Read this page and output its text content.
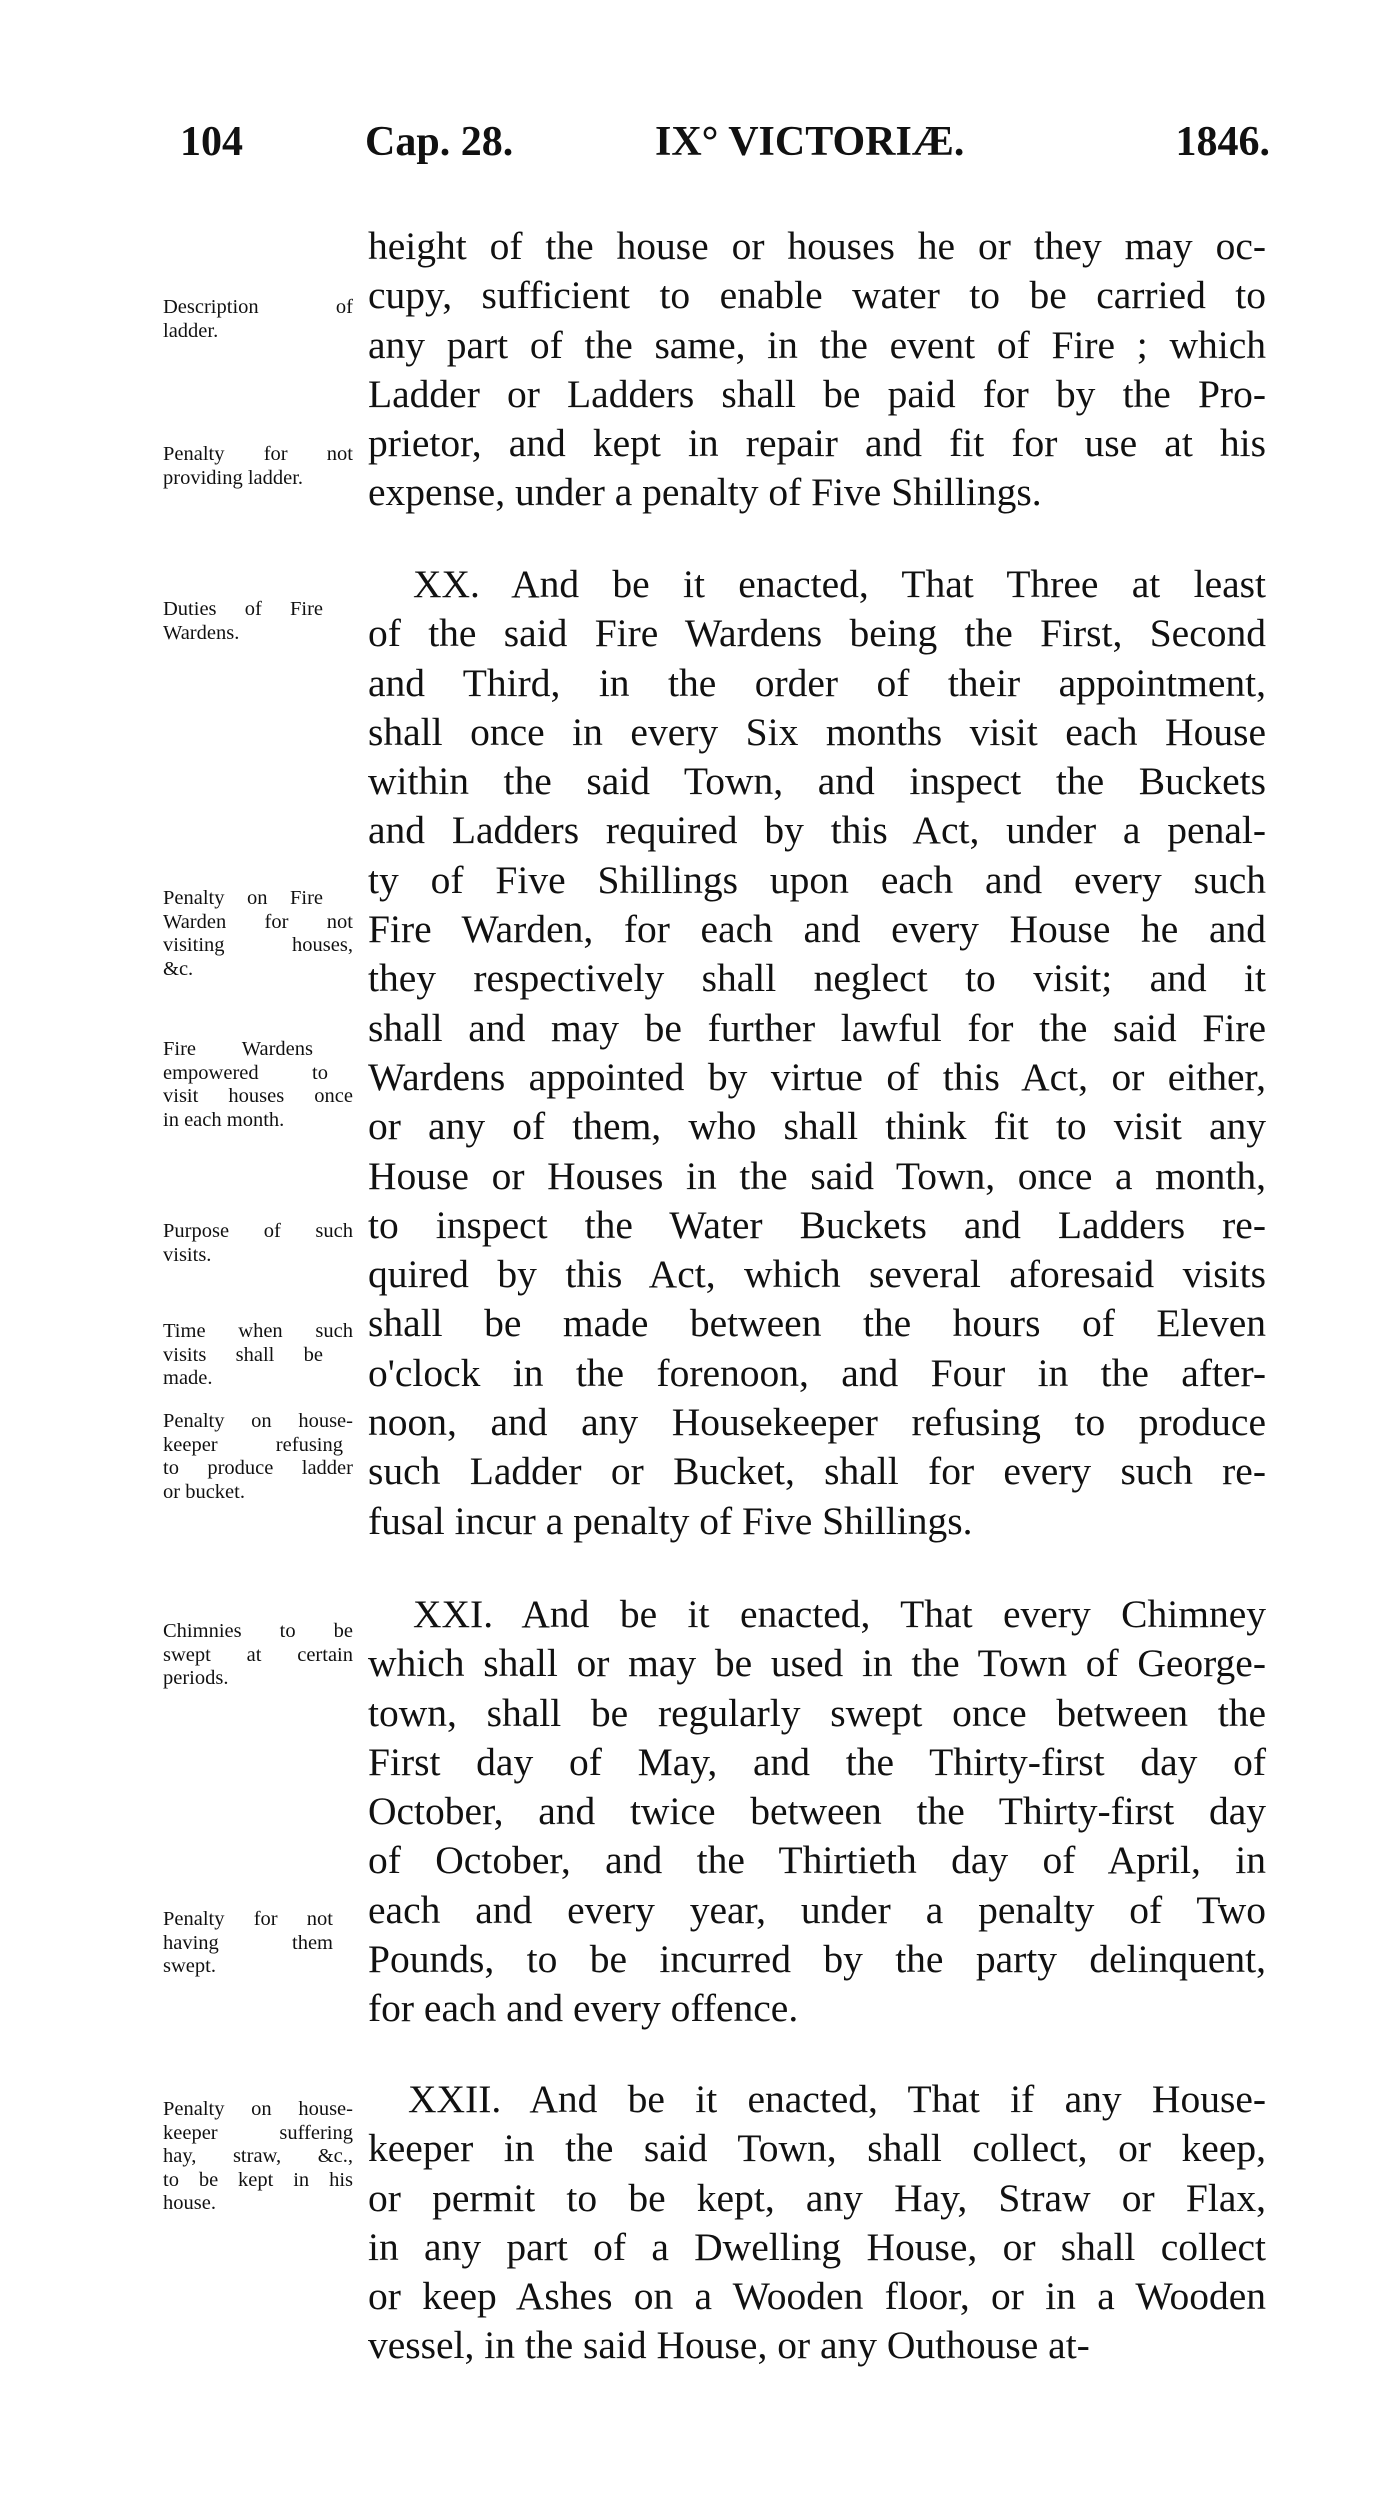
104	Cap. 28.	IX° VICTORIÆ.	1846.
height of the house or houses he or they may oc-
cupy, sufficient to enable water to be carried to
any part of the same, in the event of Fire ; which
Ladder or Ladders shall be paid for by the Pro-
prietor, and kept in repair and fit for use at his
expense, under a penalty of Five Shillings.
XX. And be it enacted, That Three at least
of the said Fire Wardens being the First, Second
and Third, in the order of their appointment,
shall once in every Six months visit each House
within the said Town, and inspect the Buckets
and Ladders required by this Act, under a penal-
ty of Five Shillings upon each and every such
Fire Warden, for each and every House he and
they respectively shall neglect to visit; and it
shall and may be further lawful for the said Fire
Wardens appointed by virtue of this Act, or either,
or any of them, who shall think fit to visit any
House or Houses in the said Town, once a month,
to inspect the Water Buckets and Ladders re-
quired by this Act, which several aforesaid visits
shall be made between the hours of Eleven
o'clock in the forenoon, and Four in the after-
noon, and any Housekeeper refusing to produce
such Ladder or Bucket, shall for every such re-
fusal incur a penalty of Five Shillings.
XXI. And be it enacted, That every Chimney
which shall or may be used in the Town of George-
town, shall be regularly swept once between the
First day of May, and the Thirty-first day of
October, and twice between the Thirty-first day
of October, and the Thirtieth day of April, in
each and every year, under a penalty of Two
Pounds, to be incurred by the party delinquent,
for each and every offence.
XXII. And be it enacted, That if any House-
keeper in the said Town, shall collect, or keep,
or permit to be kept, any Hay, Straw or Flax,
in any part of a Dwelling House, or shall collect
or keep Ashes on a Wooden floor, or in a Wooden
vessel, in the said House, or any Outhouse at-
Description of
ladder.
Penalty for not
providing ladder.
Duties of Fire
Wardens.
Penalty on Fire
Warden for not
visiting houses,
&c.
Fire Wardens
empowered to
visit houses once
in each month.
Purpose of such
visits.
Time when such
visits shall be
made.
Penalty on house-
keeper refusing
to produce ladder
or bucket.
Chimnies to be
swept at certain
periods.
Penalty for not
having them
swept.
Penalty on house-
keeper suffering
hay, straw, &c.,
to be kept in his
house.
